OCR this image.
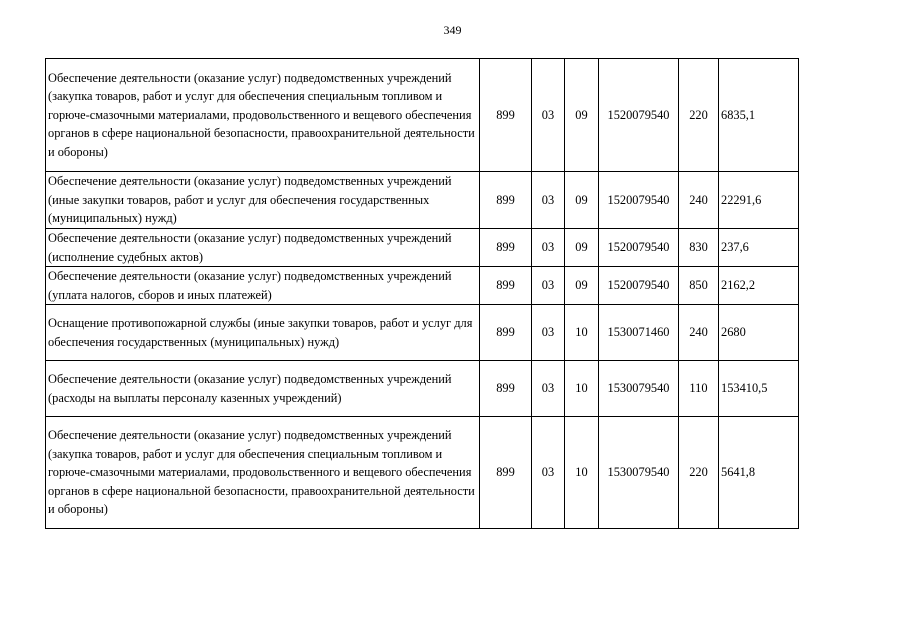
349
Обеспечение деятельности (оказание услуг) подведомственных учреждений (закупка товаров, работ и услуг для обеспечения специальным топливом и горюче-смазочными материалами, продовольственного и вещевого обеспечения органов в сфере национальной безопасности, правоохранительной деятельности и обороны)	899	03	09	1520079540	220	6835,1
Обеспечение деятельности (оказание услуг) подведомственных учреждений (иные закупки товаров, работ и услуг для обеспечения государственных (муниципальных) нужд)	899	03	09	1520079540	240	22291,6
Обеспечение деятельности (оказание услуг) подведомственных учреждений (исполнение судебных актов)	899	03	09	1520079540	830	237,6
Обеспечение деятельности (оказание услуг) подведомственных учреждений (уплата налогов, сборов и иных платежей)	899	03	09	1520079540	850	2162,2
Оснащение противопожарной службы (иные закупки товаров, работ и услуг для обеспечения государственных (муниципальных) нужд)	899	03	10	1530071460	240	2680
Обеспечение деятельности (оказание услуг) подведомственных учреждений (расходы на выплаты персоналу казенных учреждений)	899	03	10	1530079540	110	153410,5
Обеспечение деятельности (оказание услуг) подведомственных учреждений (закупка товаров, работ и услуг для обеспечения специальным топливом и горюче-смазочными материалами, продовольственного и вещевого обеспечения органов в сфере национальной безопасности, правоохранительной деятельности и обороны)	899	03	10	1530079540	220	5641,8
